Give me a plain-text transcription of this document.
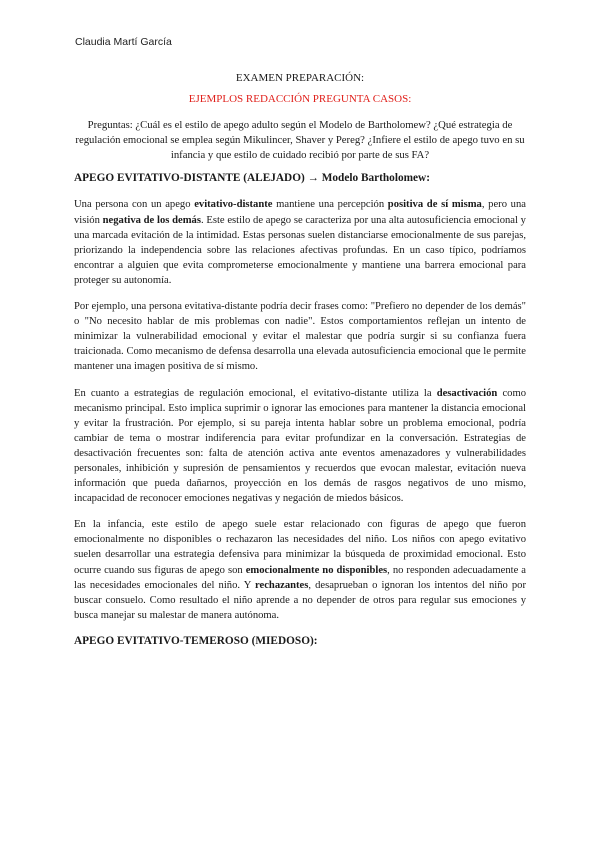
Claudia Martí García
EXAMEN PREPARACIÓN:
EJEMPLOS REDACCIÓN PREGUNTA CASOS:
Preguntas: ¿Cuál es el estilo de apego adulto según el Modelo de Bartholomew? ¿Qué estrategia de regulación emocional se emplea según Mikulincer, Shaver y Pereg? ¿Infiere el estilo de apego tuvo en su infancia y que estilo de cuidado recibió por parte de sus FA?
APEGO EVITATIVO-DISTANTE (ALEJADO) → Modelo Bartholomew:

Una persona con un apego evitativo-distante mantiene una percepción positiva de sí misma, pero una visión negativa de los demás. Este estilo de apego se caracteriza por una alta autosuficiencia emocional y una marcada evitación de la intimidad. Estas personas suelen distanciarse emocionalmente de sus parejas, priorizando la independencia sobre las relaciones afectivas profundas. En un caso típico, podríamos encontrar a alguien que evita comprometerse emocionalmente y mantiene una barrera emocional para proteger su autonomía.

Por ejemplo, una persona evitativa-distante podría decir frases como: "Prefiero no depender de los demás" o "No necesito hablar de mis problemas con nadie". Estos comportamientos reflejan un intento de minimizar la vulnerabilidad emocional y evitar el malestar que podría surgir si su confianza fuera traicionada. Como mecanismo de defensa desarrolla una elevada autosuficiencia emocional que le permite mantener una imagen positiva de sí mismo.

En cuanto a estrategias de regulación emocional, el evitativo-distante utiliza la desactivación como mecanismo principal. Esto implica suprimir o ignorar las emociones para mantener la distancia emocional y evitar la frustración. Por ejemplo, si su pareja intenta hablar sobre un problema emocional, podría cambiar de tema o mostrar indiferencia para evitar profundizar en la conversación. Estrategias de desactivación frecuentes son: falta de atención activa ante eventos amenazadores y vulnerabilidades personales, inhibición y supresión de pensamientos y recuerdos que evocan malestar, evitación nueva información que pueda dañarnos, proyección en los demás de rasgos negativos de uno mismo, incapacidad de reconocer emociones negativas y negación de miedos básicos.

En la infancia, este estilo de apego suele estar relacionado con figuras de apego que fueron emocionalmente no disponibles o rechazaron las necesidades del niño. Los niños con apego evitativo suelen desarrollar una estrategia defensiva para minimizar la búsqueda de proximidad emocional. Esto ocurre cuando sus figuras de apego son emocionalmente no disponibles, no responden adecuadamente a las necesidades emocionales del niño. Y rechazantes, desaprueban o ignoran los intentos del niño por buscar consuelo. Como resultado el niño aprende a no depender de otros para regular sus emociones y busca manejar su malestar de manera autónoma.

APEGO EVITATIVO-TEMEROSO (MIEDOSO):
